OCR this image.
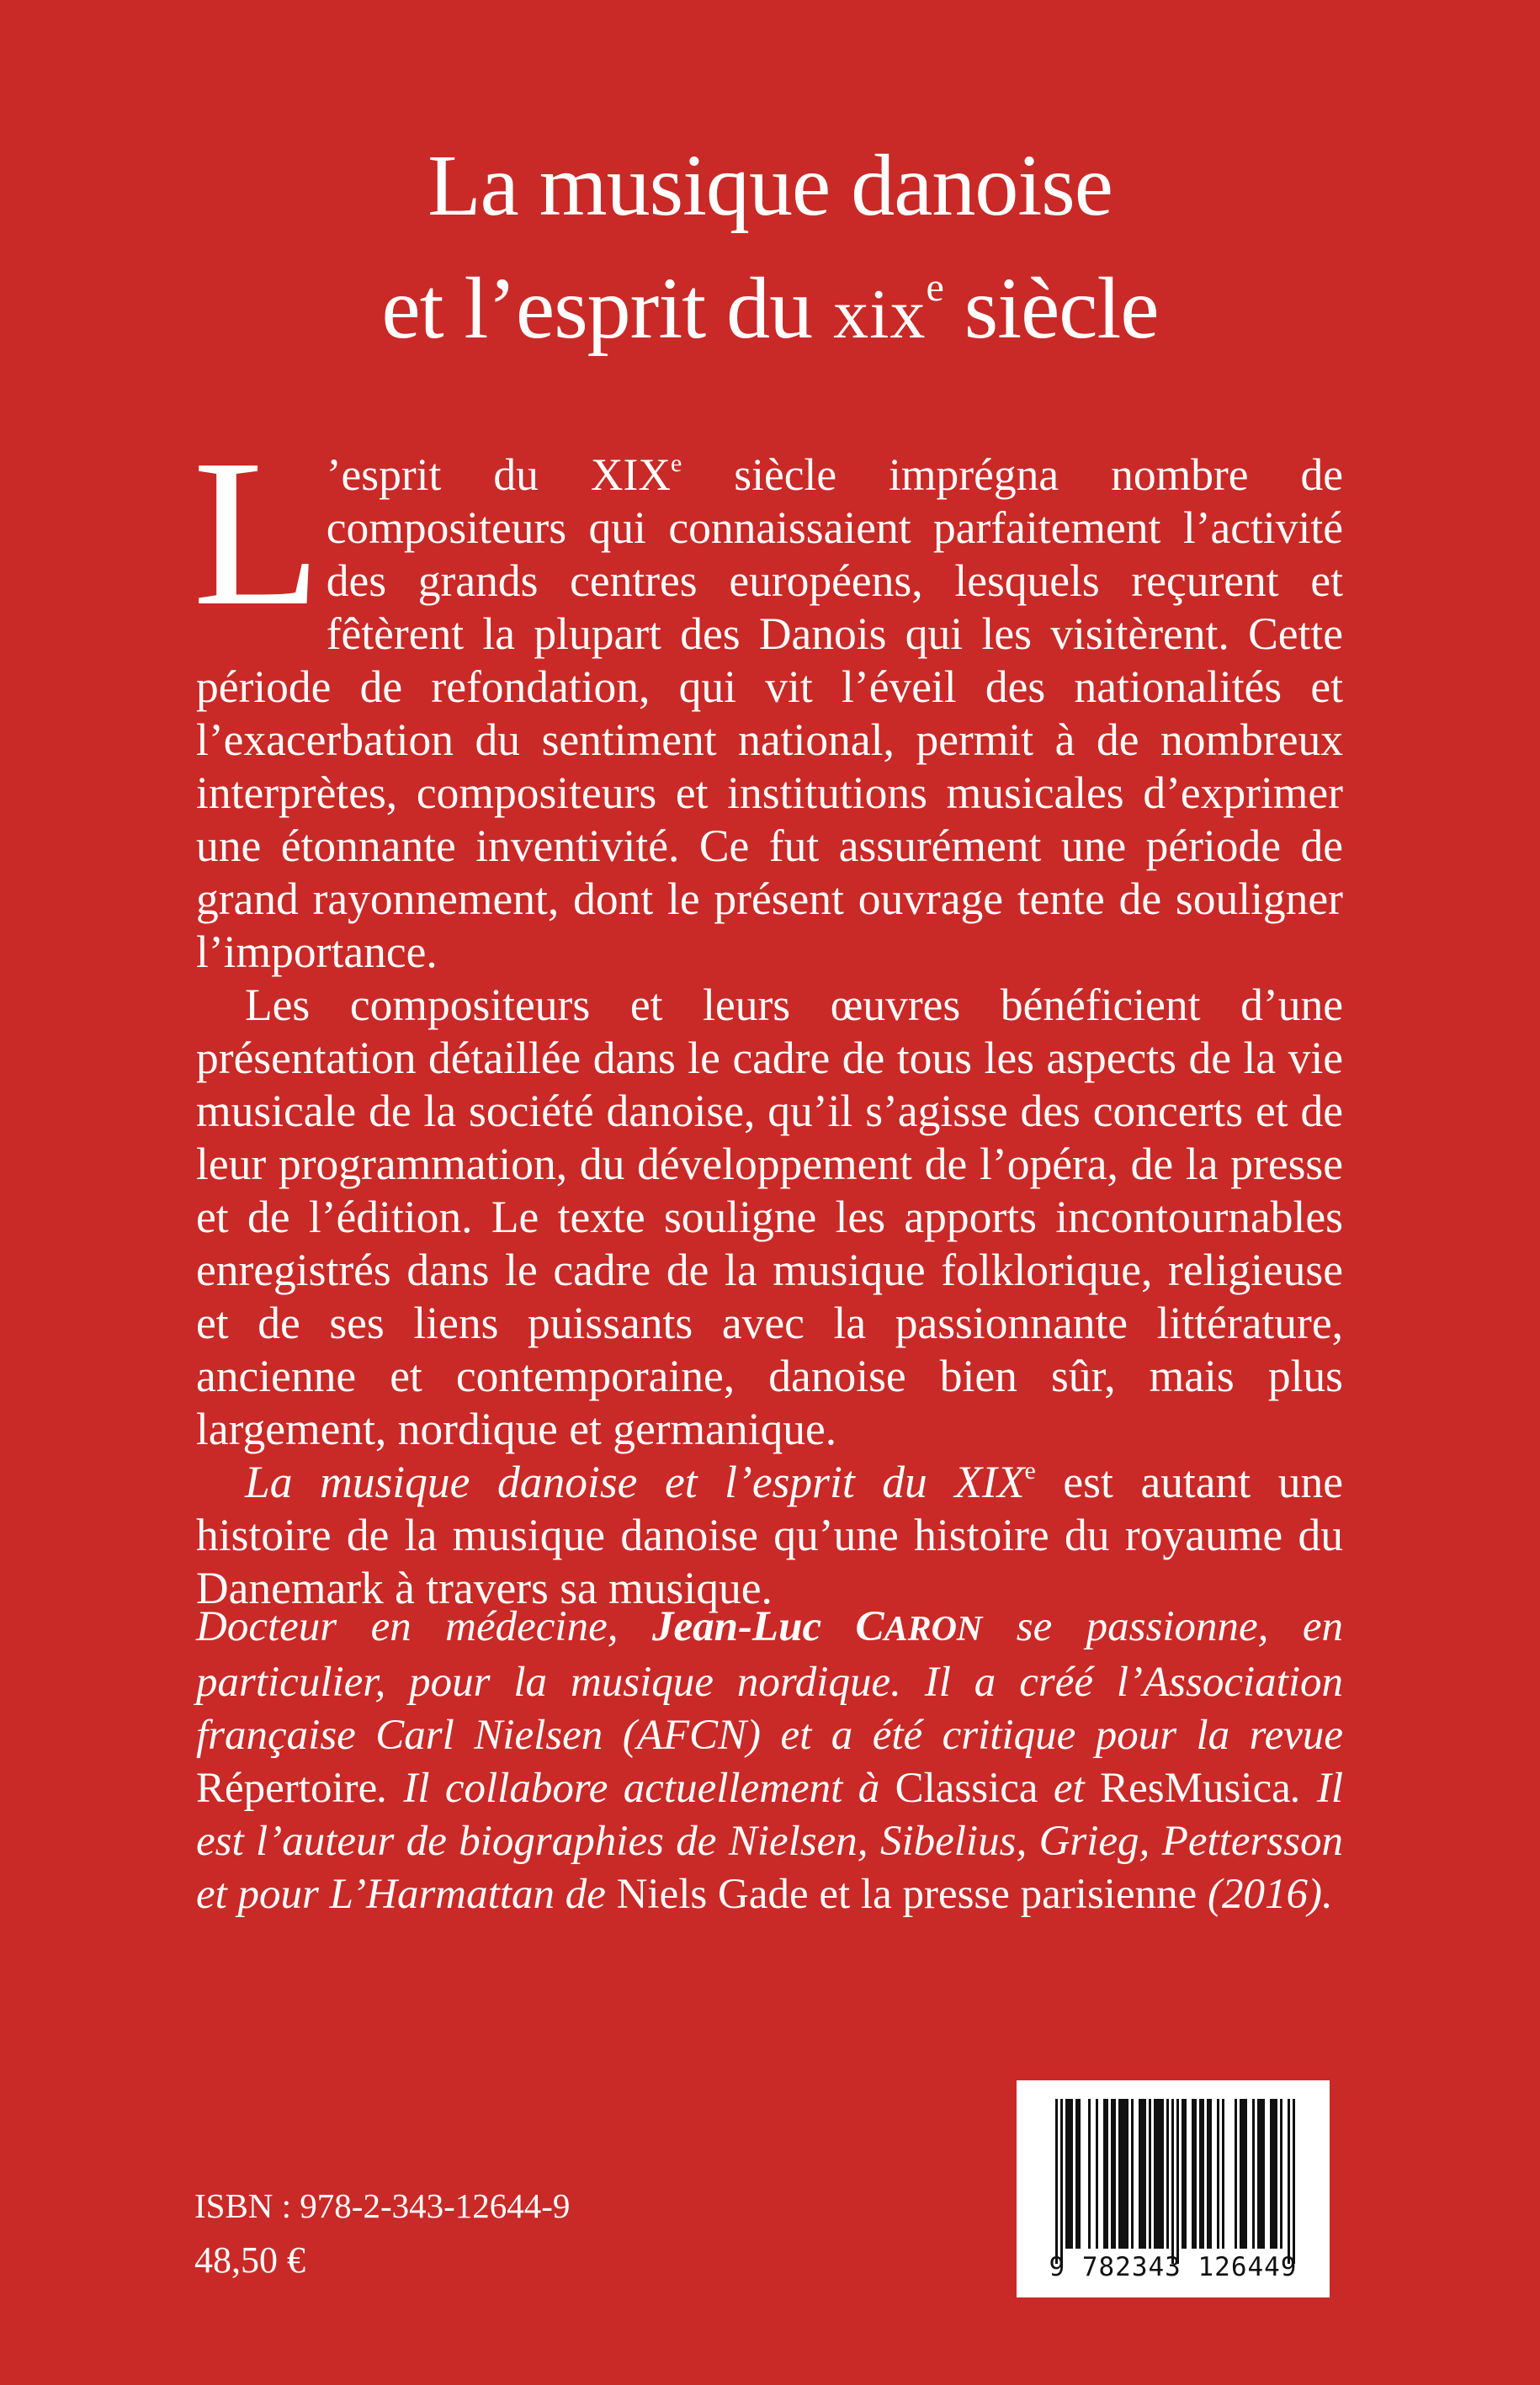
La musique danoise
et l’esprit du xix$^e$ siècle

L ’esprit du XIXe siècle imprégna nombre de compositeurs qui connaissaient parfaitement l’activité des grands centres européens, lesquels reçurent et fêtèrent la plupart des Danois qui les visitèrent. Cette période de refondation, qui vit l’éveil des nationalités et l’exacerbation du sentiment national, permit à de nombreux interprètes, compositeurs et institutions musicales d’exprimer une étonnante inventivité. Ce fut assurément une période de grand rayonnement, dont le présent ouvrage tente de souligner l’importance.

Les compositeurs et leurs œuvres bénéficient d’une présentation détaillée dans le cadre de tous les aspects de la vie musicale de la société danoise, qu’il s’agisse des concerts et de leur programmation, du développement de l’opéra, de la presse et de l’édition. Le texte souligne les apports incontournables enregistrés dans le cadre de la musique folklorique, religieuse et de ses liens puissants avec la passionnante littérature, ancienne et contemporaine, danoise bien sûr, mais plus largement, nordique et germanique.

La musique danoise et l’esprit du XIXe est autant une histoire de la musique danoise qu’une histoire du royaume du Danemark à travers sa musique.

Docteur en médecine, Jean-Luc CARON se passionne, en particulier, pour la musique nordique. Il a créé l’Association française Carl Nielsen (AFCN) et a été critique pour la revue Répertoire. Il collabore actuellement à Classica et ResMusica. Il est l’auteur de biographies de Nielsen, Sibelius, Grieg, Pettersson et pour L’Harmattan de Niels Gade et la presse parisienne (2016).

ISBN : 978-2-343-12644-9
48,50 €	9 782343 126449
